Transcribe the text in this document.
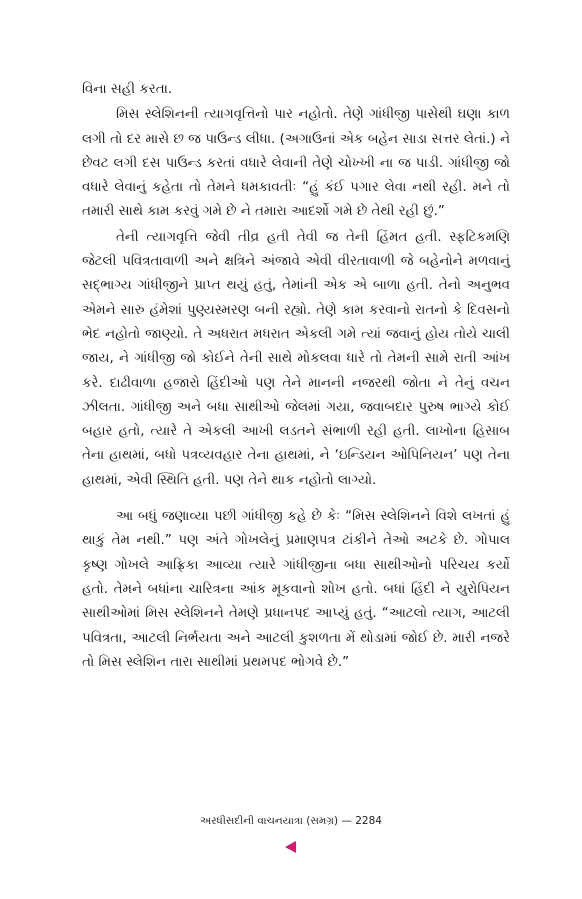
વિના સહી કરતા.

મિસ સ્લેશિનની ત્યાગવૃત્તિનો પાર નહોતો. તેણે ગાંધીજી પાસેથી ઘણા કાળ લગી તો દર માસે છ જ પાઉન્ડ લીધા. (અગાઉનાં એક બહેન સાડા સત્તર લેતાં.) ને છેવટ લગી દસ પાઉન્ડ કરતાં વધારે લેવાની તેણે ચોખ્ખી ના જ પાડી. ગાંધીજી જો વધારે લેવાનું કહેતા તો તેમને ધમકાવતીઃ “હું કંઈ પગાર લેવા નથી રહી. મને તો તમારી સાથે કામ કરવું ગમે છે ને તમારા આદર્શો ગમે છે તેથી રહી છું.”

તેની ત્યાગવૃત્તિ જેવી તીવ્ર હતી તેવી જ તેની હિંમત હતી. સ્ફટિકમણિ જેટલી પવિત્રતાવાળી અને ક્ષત્રિને અંજાવે એવી વીરતાવાળી જે બહેનોને મળવાનું સદ્ભાગ્ય ગાંધીજીને પ્રાપ્ત થયું હતું, તેમાંની એક એ બાળા હતી. તેનો અનુભવ એમને સારુ હંમેશાં પુણ્યસ્મરણ બની રહ્યો. તેણે કામ કરવાનો રાતનો કે દિવસનો ભેદ નહોતો જાણ્યો. તે અધરાત મધરાત એકલી ગમે ત્યાં જવાનું હોય તોયે ચાલી જાય, ને ગાંધીજી જો કોઈને તેની સાથે મોકલવા ધારે તો તેમની સામે રાતી આંખ કરે. દાઢીવાળા હજારો હિંદીઓ પણ તેને માનની નજરથી જોતા ને તેનું વચન ઝીલતા. ગાંધીજી અને બધા સાથીઓ જેલમાં ગયા, જવાબદાર પુરુષ ભાગ્યે કોઈ બહાર હતો, ત્યારે તે એકલી આખી લડતને સંભાળી રહી હતી. લાખોના હિસાબ તેના હાથમાં, બધો પત્રવ્યવહાર તેના હાથમાં, ને ‘ઇન્ડિયન ઓપિનિયન’ પણ તેના હાથમાં, એવી સ્થિતિ હતી. પણ તેને થાક નહોતો લાગ્યો.

આ બધું જણાવ્યા પછી ગાંધીજી કહે છે કેઃ “મિસ સ્લેશિનને વિશે લખતાં હું થાકું તેમ નથી.” પણ અંતે ગોખલેનું પ્રમાણપત્ર ટાંકીને તેઓ અટકે છે. ગોપાલ કૃષ્ણ ગોખલે આફ્રિકા આવ્યા ત્યારે ગાંધીજીના બધા સાથીઓનો પરિચય કર્યો હતો. તેમને બધાંના ચારિત્રના આંક મૂકવાનો શોખ હતો. બધાં હિંદી ને યુરોપિયન સાથીઓમાં મિસ સ્લેશિનને તેમણે પ્રધાનપદ આપ્યું હતું. “આટલો ત્યાગ, આટલી પવિત્રતા, આટલી નિર્ભયતા અને આટલી કુશળતા મેં થોડામાં જોઈ છે. મારી નજરે તો મિસ સ્લેશિન તારા સાથીમાં પ્રથમપદ ભોગવે છે.”

અરધીસદીની વાચનયાત્રા (સમગ્ર) — 2284
